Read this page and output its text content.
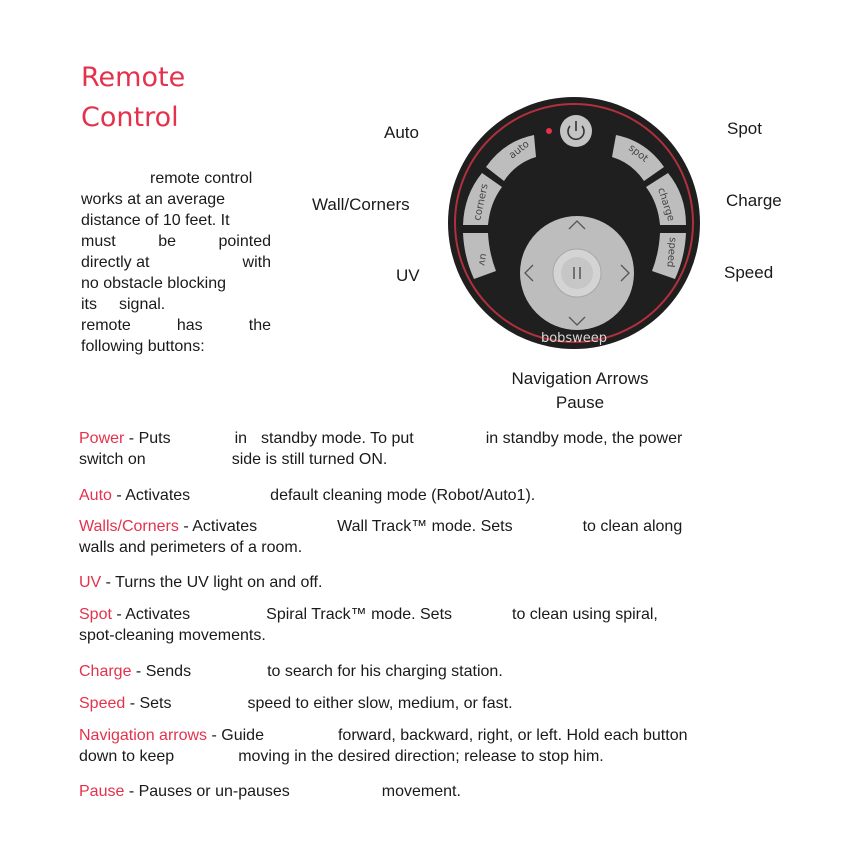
Remote
Control
remote control
works at an average
distance of 10 feet. It
must	be	pointed
directly at	with
no obstacle blocking
its signal.
remote	has	the
following buttons:
Auto
Wall/Corners
UV
Spot
Charge
Speed
Navigation Arrows
Pause
auto
corners
uv
spot
charge
speed
bobsweep
Power - Puts	in standby mode. To put	in standby mode, the power
switch on	side is still turned ON.
Auto - Activates	default cleaning mode (Robot/Auto1).
Walls/Corners - Activates	Wall Track™ mode. Sets	to clean along
walls and perimeters of a room.
UV - Turns the UV light on and off.
Spot - Activates	Spiral Track™ mode. Sets	to clean using spiral,
spot-cleaning movements.
Charge - Sends	to search for his charging station.
Speed - Sets	speed to either slow, medium, or fast.
Navigation arrows - Guide	forward, backward, right, or left. Hold each button
down to keep	moving in the desired direction; release to stop him.
Pause - Pauses or un-pauses	movement.
